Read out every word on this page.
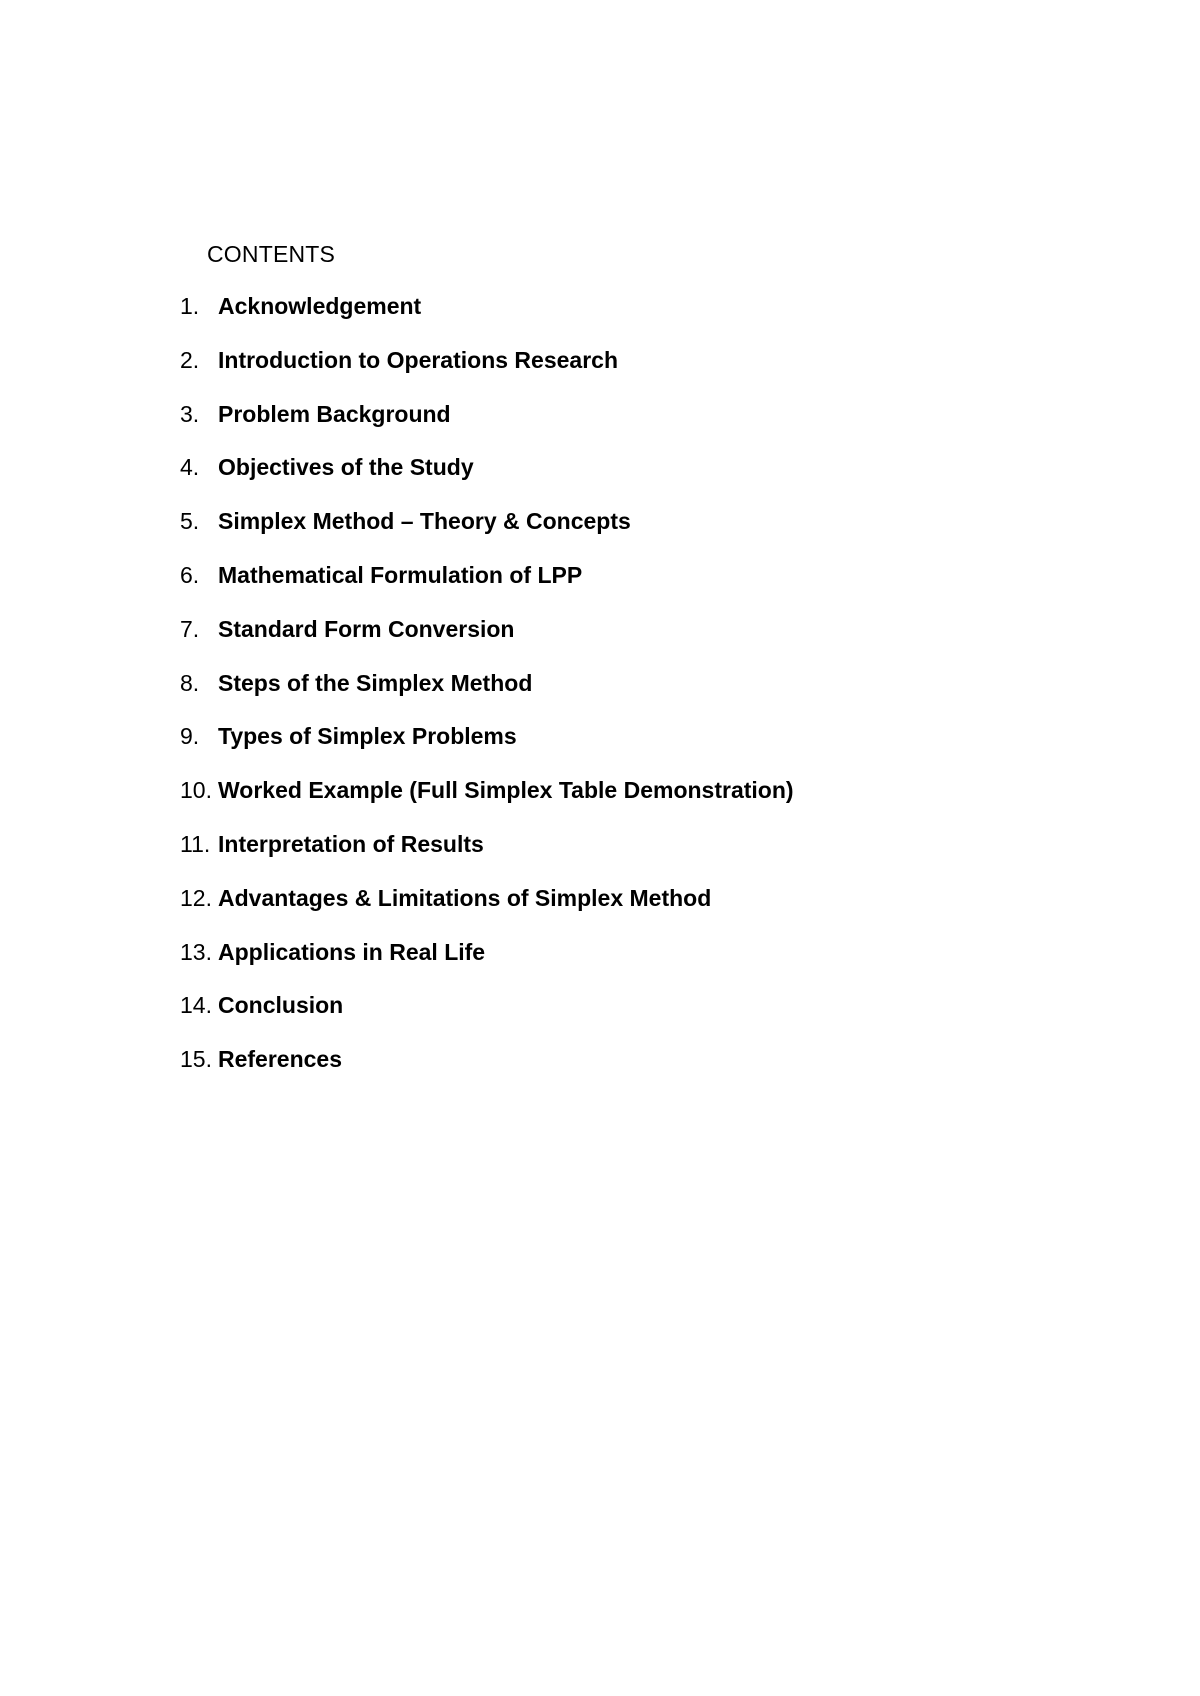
CONTENTS
1. Acknowledgement
2. Introduction to Operations Research
3. Problem Background
4. Objectives of the Study
5. Simplex Method – Theory & Concepts
6. Mathematical Formulation of LPP
7. Standard Form Conversion
8. Steps of the Simplex Method
9. Types of Simplex Problems
10. Worked Example (Full Simplex Table Demonstration)
11. Interpretation of Results
12. Advantages & Limitations of Simplex Method
13. Applications in Real Life
14. Conclusion
15. References
